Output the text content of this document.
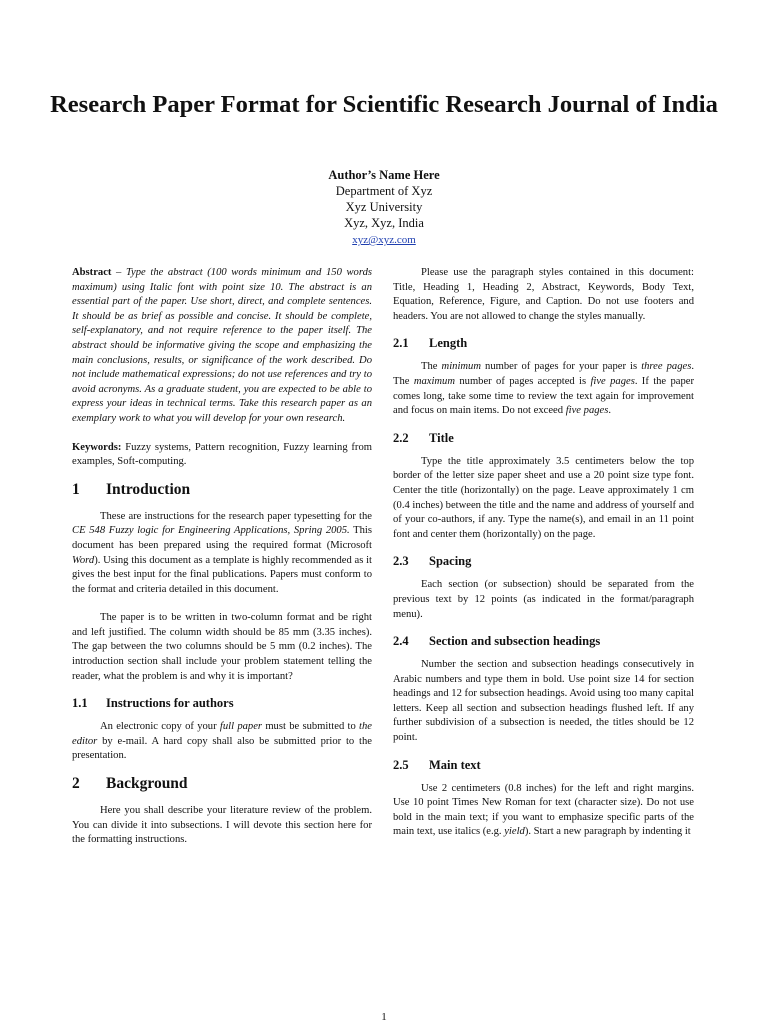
Research Paper Format for Scientific Research Journal of India
Author’s Name Here
Department of Xyz
Xyz University
Xyz, Xyz, India
xyz@xyz.com

Abstract – Type the abstract (100 words minimum and 150 words maximum) using Italic font with point size 10. The abstract is an essential part of the paper. Use short, direct, and complete sentences. It should be as brief as possible and concise. It should be complete, self-explanatory, and not require reference to the paper itself. The abstract should be informative giving the scope and emphasizing the main conclusions, results, or significance of the work described. Do not include mathematical expressions; do not use references and try to avoid acronyms. As a graduate student, you are expected to be able to express your ideas in technical terms. Take this research paper as an exemplary work to what you will develop for your own research.

Keywords: Fuzzy systems, Pattern recognition, Fuzzy learning from examples, Soft-computing.

1 Introduction

These are instructions for the research paper typesetting for the CE 548 Fuzzy logic for Engineering Applications, Spring 2005. This document has been prepared using the required format (Microsoft Word). Using this document as a template is highly recommended as it gives the best input for the final publications. Papers must conform to the format and criteria detailed in this document.

The paper is to be written in two-column format and be right and left justified. The column width should be 85 mm (3.35 inches). The gap between the two columns should be 5 mm (0.2 inches). The introduction section shall include your problem statement telling the reader, what the problem is and why it is important?

1.1 Instructions for authors

An electronic copy of your full paper must be submitted to the editor by e-mail. A hard copy shall also be submitted prior to the presentation.

2 Background

Here you shall describe your literature review of the problem. You can divide it into subsections. I will devote this section here for the formatting instructions.

Please use the paragraph styles contained in this document: Title, Heading 1, Heading 2, Abstract, Keywords, Body Text, Equation, Reference, Figure, and Caption. Do not use footers and headers. You are not allowed to change the styles manually.

2.1 Length

The minimum number of pages for your paper is three pages. The maximum number of pages accepted is five pages. If the paper comes long, take some time to review the text again for improvement and focus on main items. Do not exceed five pages.

2.2 Title

Type the title approximately 3.5 centimeters below the top border of the letter size paper sheet and use a 20 point size type font. Center the title (horizontally) on the page. Leave approximately 1 cm (0.4 inches) between the title and the name and address of yourself and of your co-authors, if any. Type the name(s), and email in an 11 point font and center them (horizontally) on the page.

2.3 Spacing

Each section (or subsection) should be separated from the previous text by 12 points (as indicated in the format/paragraph menu).

2.4 Section and subsection headings

Number the section and subsection headings consecutively in Arabic numbers and type them in bold. Use point size 14 for section headings and 12 for subsection headings. Avoid using too many capital letters. Keep all section and subsection headings flushed left. If any further subdivision of a subsection is needed, the titles should be 12 point.

2.5 Main text

Use 2 centimeters (0.8 inches) for the left and right margins. Use 10 point Times New Roman for text (character size). Do not use bold in the main text; if you want to emphasize specific parts of the main text, use italics (e.g. yield). Start a new paragraph by indenting it

1
